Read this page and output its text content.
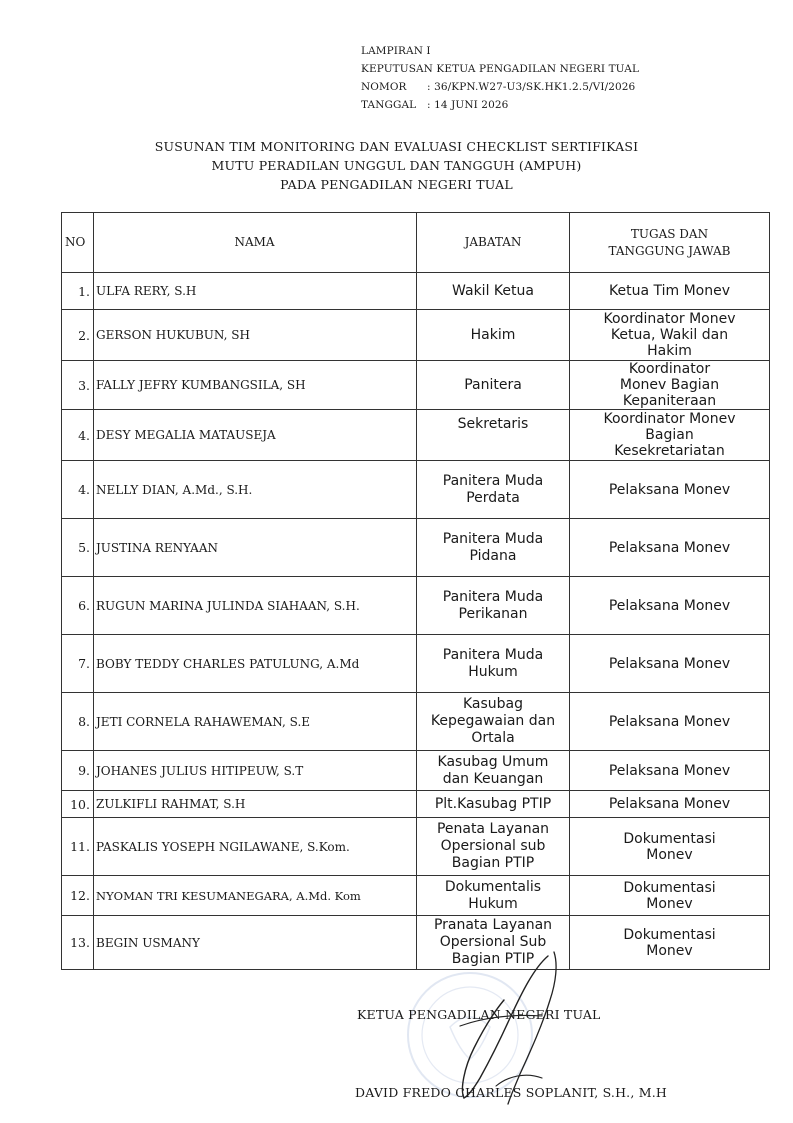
LAMPIRAN I
KEPUTUSAN KETUA PENGADILAN NEGERI TUAL
NOMOR : 36/KPN.W27-U3/SK.HK1.2.5/VI/2026
TANGGAL : 14 JUNI 2026
SUSUNAN TIM MONITORING DAN EVALUASI CHECKLIST SERTIFIKASI
MUTU PERADILAN UNGGUL DAN TANGGUH (AMPUH)
PADA PENGADILAN NEGERI TUAL
NO	NAMA	JABATAN	TUGAS DAN TANGGUNG JAWAB
1.	ULFA RERY, S.H	Wakil Ketua	Ketua Tim Monev
2.	GERSON HUKUBUN, SH	Hakim	Koordinator Monev Ketua, Wakil dan Hakim
3.	FALLY JEFRY KUMBANGSILA, SH	Panitera	Koordinator Monev Bagian Kepaniteraan
4.	DESY MEGALIA MATAUSEJA	Sekretaris	Koordinator Monev Bagian Kesekretariatan
4.	NELLY DIAN, A.Md., S.H.	Panitera Muda Perdata	Pelaksana Monev
5.	JUSTINA RENYAAN	Panitera Muda Pidana	Pelaksana Monev
6.	RUGUN MARINA JULINDA SIAHAAN, S.H.	Panitera Muda Perikanan	Pelaksana Monev
7.	BOBY TEDDY CHARLES PATULUNG, A.Md	Panitera Muda Hukum	Pelaksana Monev
8.	JETI CORNELA RAHAWEMAN, S.E	Kasubag Kepegawaian dan Ortala	Pelaksana Monev
9.	JOHANES JULIUS HITIPEUW, S.T	Kasubag Umum dan Keuangan	Pelaksana Monev
10.	ZULKIFLI RAHMAT, S.H	Plt.Kasubag PTIP	Pelaksana Monev
11.	PASKALIS YOSEPH NGILAWANE, S.Kom.	Penata Layanan Opersional sub Bagian PTIP	Dokumentasi Monev
12.	NYOMAN TRI KESUMANEGARA, A.Md. Kom	Dokumentalis Hukum	Dokumentasi Monev
13.	BEGIN USMANY	Pranata Layanan Opersional Sub Bagian PTIP	Dokumentasi Monev
KETUA PENGADILAN NEGERI TUAL
DAVID FREDO CHARLES SOPLANIT, S.H., M.H
